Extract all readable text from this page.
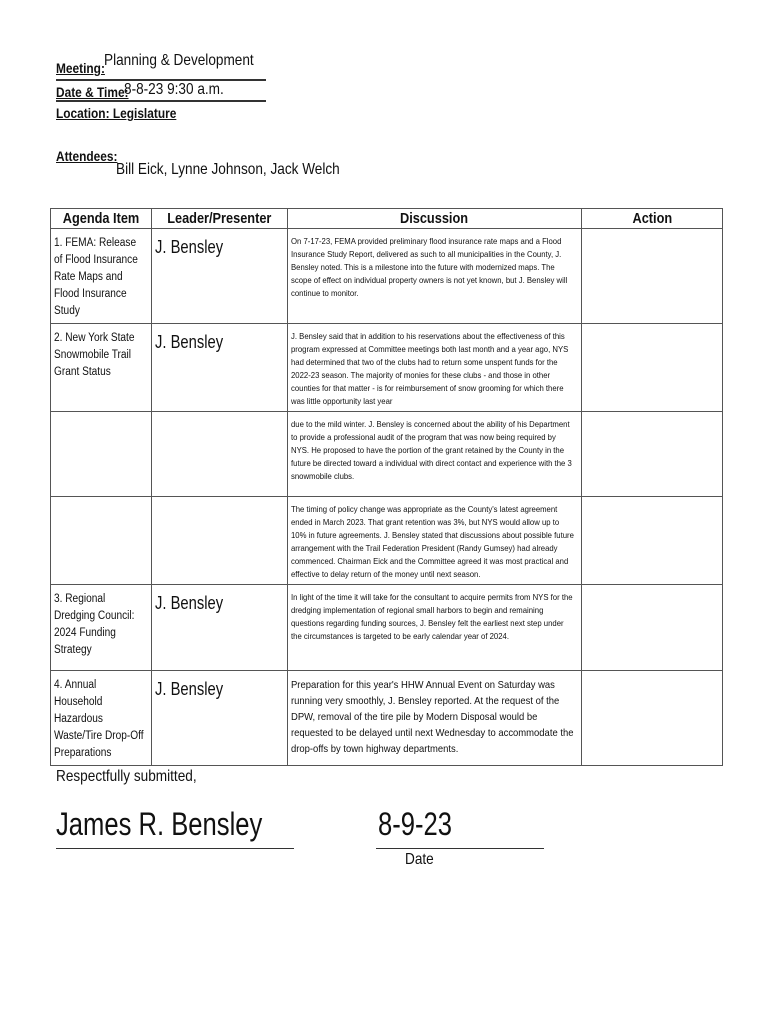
Meeting: Planning & Development
Date & Time:
8-8-23 9:30 a.m.
Location: Legislature
Attendees:
Bill Eick, Lynne Johnson, Jack Welch
Agenda Item	Leader/Presenter	Discussion	Action

1. FEMA: Release of Flood Insurance Rate Maps and Flood Insurance Study	J. Bensley	On 7-17-23, FEMA provided preliminary flood insurance rate maps and a Flood Insurance Study Report, delivered as such to all municipalities in the County, J. Bensley noted. This is a milestone into the future with modernized maps. The scope of effect on individual property owners is not yet known, but J. Bensley will continue to monitor.	

2. New York State Snowmobile Trail Grant Status	J. Bensley	J. Bensley said that in addition to his reservations about the effectiveness of this program expressed at Committee meetings both last month and a year ago, NYS had determined that two of the clubs had to return some unspent funds for the 2022-23 season. The majority of monies for these clubs - and those in other counties for that matter - is for reimbursement of snow grooming for which there was little opportunity last year	

		due to the mild winter. J. Bensley is concerned about the ability of his Department to provide a professional audit of the program that was now being required by NYS. He proposed to have the portion of the grant retained by the County in the future be directed toward a individual with direct contact and experience with the 3 snowmobile clubs.	

		The timing of policy change was appropriate as the County's latest agreement ended in March 2023. That grant retention was 3%, but NYS would allow up to 10% in future agreements. J. Bensley stated that discussions about possible future arrangement with the Trail Federation President (Randy Gumsey) had already commenced. Chairman Eick and the Committee agreed it was most practical and effective to delay return of the money until next season.	

3. Regional Dredging Council: 2024 Funding Strategy	J. Bensley	In light of the time it will take for the consultant to acquire permits from NYS for the dredging implementation of regional small harbors to begin and remaining questions regarding funding sources, J. Bensley felt the earliest next step under the circumstances is targeted to be early calendar year of 2024.	

4. Annual Household Hazardous Waste/Tire Drop-Off Preparations	J. Bensley	Preparation for this year's HHW Annual Event on Saturday was running very smoothly, J. Bensley reported. At the request of the DPW, removal of the tire pile by Modern Disposal would be requested to be delayed until next Wednesday to accommodate the drop-offs by town highway departments.	

Respectfully submitted,
James R. Bensley	8-9-23
Date
